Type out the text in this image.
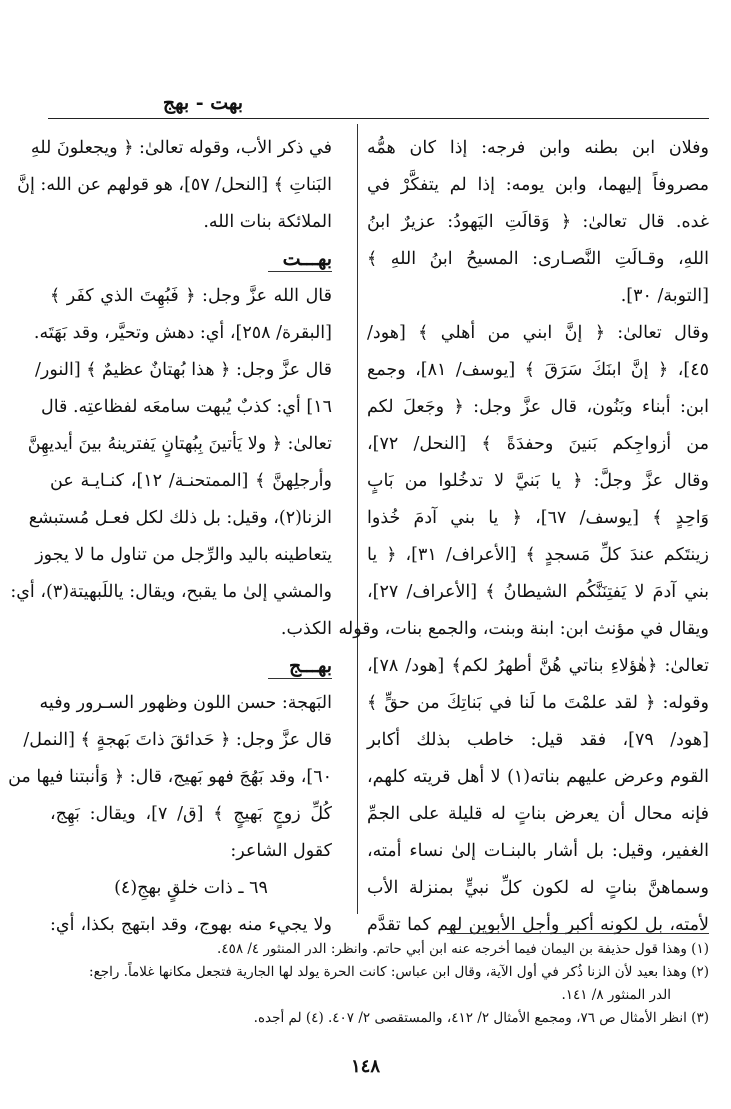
بهت - بهج
وفلان ابن بطنه وابن فرجه: إذا كان همُّه
مصروفاً إليهما، وابن يومه: إذا لم يتفكَّرْ في
غده. قال تعالىٰ: ﴿ وَقالَتِ اليَهودُ: عزيرٌ ابنُ
اللهِ، وقـالَتِ النَّصـارى: المسيحُ ابنُ اللهِ ﴾
[التوبة/ ٣٠].
وقال تعالىٰ: ﴿ إنَّ ابني من أهلي ﴾ [هود/
٤٥]، ﴿ إنَّ ابنَكَ سَرَقَ ﴾ [يوسف/ ٨١]، وجمع
ابن: أبناء وبَنُون، قال عزَّ وجل: ﴿ وجَعلَ لكم
من أزواجِكم بَنينَ وحفدَةً ﴾ [النحل/ ٧٢]،
وقال عزَّ وجلَّ: ﴿ يا بَنيَّ لا تدخُلوا من بَابٍ
وَاحِدٍ ﴾ [يوسف/ ٦٧]، ﴿ يا بني آدمَ خُذوا
زينتَكم عندَ كلِّ مَسجدٍ ﴾ [الأعراف/ ٣١]، ﴿ يا
بني آدمَ لا يَفتِنَنَّكُم الشيطانُ ﴾ [الأعراف/ ٢٧]،
ويقال في مؤنث ابن: ابنة وبنت، والجمع بنات، وقوله
تعالىٰ: ﴿هٰؤلاءِ بناتي هُنَّ أطهرُ لكم﴾ [هود/ ٧٨]،
وقوله: ﴿ لقد علمْتَ ما لَنا في بَناتِكَ من حقٍّ ﴾
[هود/ ٧٩]، فقد قيل: خاطب بذلك أكابر
القوم وعرض عليهم بناته(١) لا أهل قريته كلهم،
فإنه محال أن يعرض بناتٍ له قليلة على الجمِّ
الغفير، وقيل: بل أشار بالبنـات إلىٰ نساء أمته،
وسماهنَّ بناتٍ له لكون كلِّ نبيٍّ بمنزلة الأب
لأمته، بل لكونه أكبر وأجل الأبوين لهم كما تقدَّم
في ذكر الأب، وقوله تعالىٰ: ﴿ ويجعلونَ للهِ
البَناتِ ﴾ [النحل/ ٥٧]، هو قولهم عن الله: إنَّ
الملائكة بنات الله.
بهـــت
قال الله عزَّ وجل: ﴿ فَبُهِتَ الذي كفَر ﴾
[البقرة/ ٢٥٨]، أي: دهش وتحيَّر، وقد بَهَتَه.
قال عزَّ وجل: ﴿ هذا بُهتانٌ عظيمٌ ﴾ [النور/
١٦] أي: كذبٌ يُبهت سامعَه لفظاعتِه. قال
تعالىٰ: ﴿ ولا يَأتينَ بِبُهتانٍ يَفترينهُ بينَ أيديهِنَّ
وأرجلِهنَّ ﴾ [الممتحنـة/ ١٢]، كنـايـة عن
الزنا(٢)، وقيل: بل ذلك لكل فعـل مُستبشع
يتعاطينه باليد والرِّجل من تناول ما لا يجوز
والمشي إلىٰ ما يقبح، ويقال: ياللَبهيتة(٣)، أي:
الكذب.
بهـــج
البَهجة: حسن اللون وظهور السـرور وفيه
قال عزَّ وجل: ﴿ حَدائقَ ذاتَ بَهجةٍ ﴾ [النمل/
٦٠]، وقد بَهُجَ فهو بَهيج، قال: ﴿ وَأنبتنا فيها من
كُلِّ زوجٍ بَهيجٍ ﴾ [ق/ ٧]، ويقال: بَهِج،
كقول الشاعر:
٦٩ ـ ذات خلقٍ بهجِ(٤)
ولا يجيء منه بهوج، وقد ابتهج بكذا، أي:
(١) وهذا قول حذيفة بن اليمان فيما أخرجه عنه ابن أبي حاتم. وانظر: الدر المنثور ٤/ ٤٥٨.
(٢) وهذا بعيد لأن الزنا ذُكر في أول الآية، وقال ابن عباس: كانت الحرة يولد لها الجارية فتجعل مكانها غلاماً. راجع:
الدر المنثور ٨/ ١٤١.
(٣) انظر الأمثال ص ٧٦، ومجمع الأمثال ٢/ ٤١٢، والمستقصى ٢/ ٤٠٧. (٤) لم أجده.
١٤٨
